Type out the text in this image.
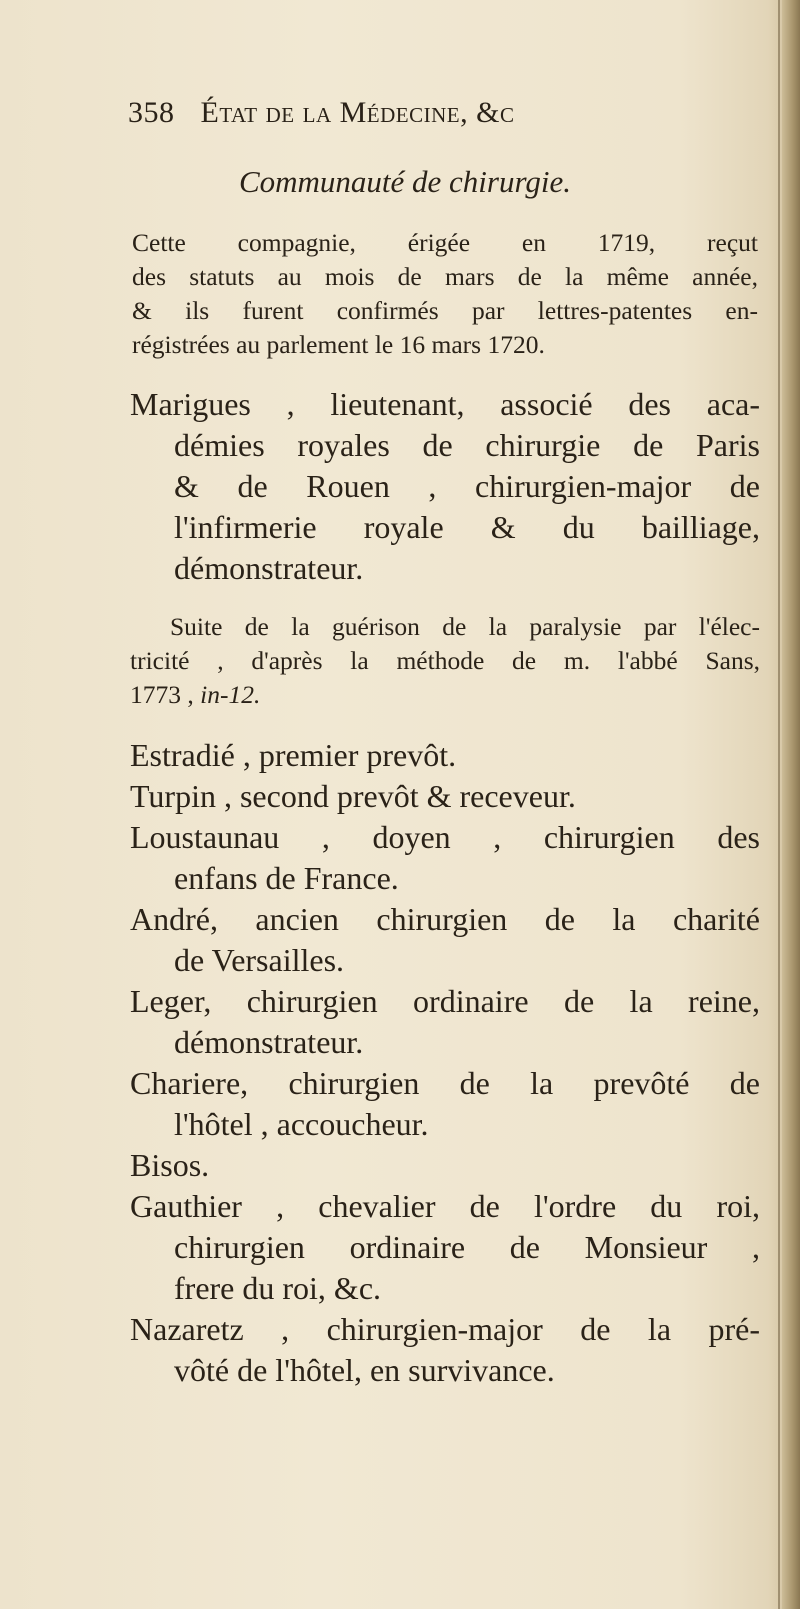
358 État de la Médecine, &c
Communauté de chirurgie.
Cette compagnie, érigée en 1719, reçut
des statuts au mois de mars de la même année,
& ils furent confirmés par lettres-patentes en-
régistrées au parlement le 16 mars 1720.
Marigues , lieutenant, associé des aca-
démies royales de chirurgie de Paris
& de Rouen , chirurgien-major de
l'infirmerie royale & du bailliage,
démonstrateur.
Suite de la guérison de la paralysie par l'élec-
tricité , d'après la méthode de m. l'abbé Sans,
1773 , in-12.
Estradié , premier prevôt.
Turpin , second prevôt & receveur.
Loustaunau , doyen , chirurgien des
enfans de France.
André, ancien chirurgien de la charité
de Versailles.
Leger, chirurgien ordinaire de la reine,
démonstrateur.
Chariere, chirurgien de la prevôté de
l'hôtel , accoucheur.
Bisos.
Gauthier , chevalier de l'ordre du roi,
chirurgien ordinaire de Monsieur ,
frere du roi, &c.
Nazaretz , chirurgien-major de la pré-
vôté de l'hôtel, en survivance.
